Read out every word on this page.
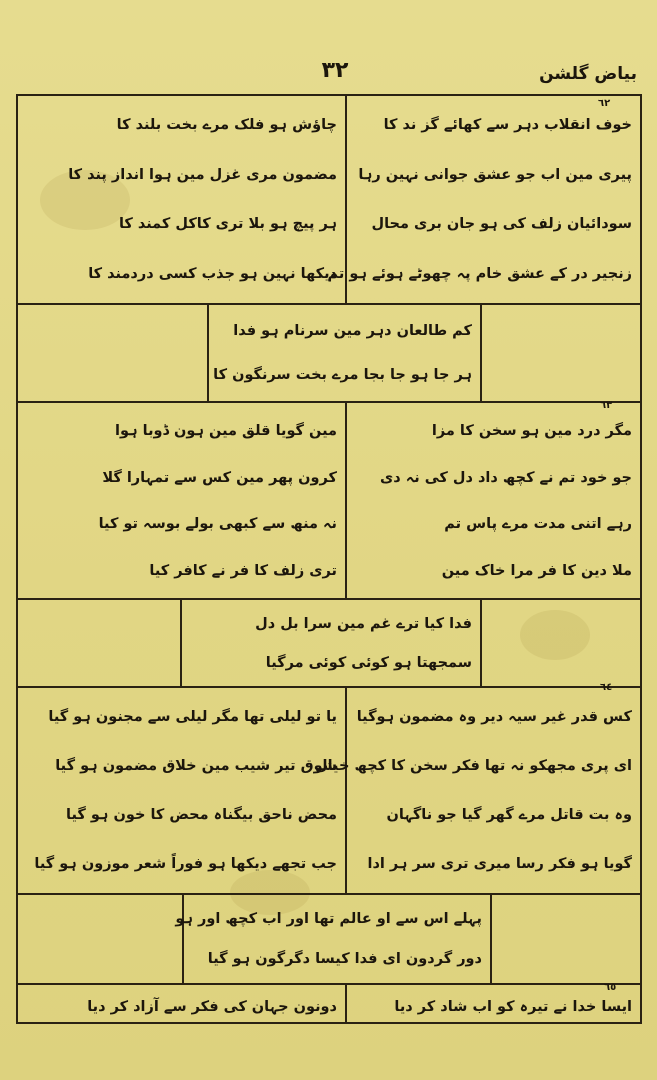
۳۲	بیاض گلشن
٦٢
خوف انقلاب دہر سے کھائے گز ند کا
پیری مین اب جو عشق جوانی نہین رہا
سودائیان زلف کی ہو جان بری محال
زنجیر در کے عشق خام پہ چھوٹے ہوئے ہو تم
چاؤش ہو فلک مرے بخت بلند کا
مضمون مری غزل مین ہوا انداز پند کا
ہر پیچ ہو بلا تری کاکل کمند کا
دیکھا نہین ہو جذب کسی دردمند کا
کم طالعان دہر مین سرنام ہو فدا
ہر جا ہو جا بجا مرے بخت سرنگون کا
٦٣
مگر درد مین ہو سخن کا مزا
جو خود تم نے کچھ داد دل کی نہ دی
رہے اتنی مدت مرے پاس تم
ملا دین کا فر مرا خاک مین
مین گویا قلق مین ہون ڈوبا ہوا
کرون پھر مین کس سے تمہارا گلا
نہ منھ سے کبھی بولے بوسہ تو کیا
تری زلف کا فر نے کافر کیا
فدا کیا ترے غم مین سرا بل دل
سمجھتا ہو کوئی کوئی مرگیا
٦٤
کس قدر غیر سیہ دیر وہ مضمون ہوگیا
ای پری مجھکو نہ تھا فکر سخن کا کچھ خیال
وہ بت قاتل مرے گھر گیا جو ناگہان
گویا ہو فکر رسا میری تری سر ہر ادا
یا تو لیلی تھا مگر لیلی سے مجنون ہو گیا
شوق تیر شیب مین خلاق مضمون ہو گیا
محض ناحق بیگناہ محض کا خون ہو گیا
جب تجھے دیکھا ہو فوراً شعر موزون ہو گیا
پہلے اس سے او عالم تھا اور اب کچھ اور ہو
دور گردون ای فدا کیسا دگرگون ہو گیا
٦٥
ایسا خدا نے تیرہ کو اب شاد کر دیا
دونون جہان کی فکر سے آزاد کر دیا
